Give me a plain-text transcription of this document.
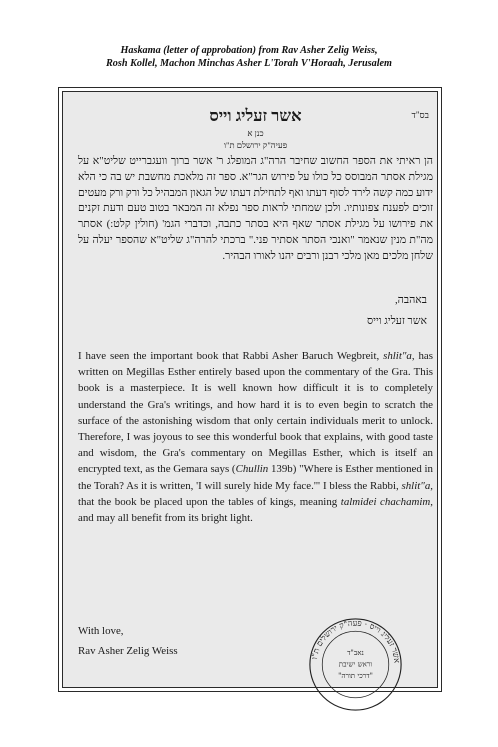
Haskama (letter of approbation) from Rav Asher Zelig Weiss,
Rosh Kollel, Machon Minchas Asher L'Torah V'Horaah, Jerusalem
בס"ד
אשר זעליג וייס
כנן א
פעיה"ק ירושלם ת"ו

הן ראיתי את הספר החשוב שחיבר הרה"ג המופלג ר' אשר ברוך וועגברייט שליט"א על מגילת אסתר המבוסס כל כולו על פירוש הגר"א. ספר זה מלאכת מחשבת יש בה כי הלא ידוע כמה קשה לירד לסוף דעתו ואף לתחילת דעתו של הגאון המבהיל כל ורק ורק מעטים זוכים לפענח צפונותיו. ולכן שמחתי לראות ספר נפלא זה המבאר בטוב טעם ודעת זקנים את פירושו על מגילת אסתר שאף היא בסתר כתבה, וכדברי הגמ' (חולין קלט:) אסתר מה"ת מנין שנאמר "ואנכי הסתר אסתיר פני." ברכתי להרה"ג שליט"א שהספר יעלה על שלחן מלכים מאן מלכי רבנן ורבים יהנו לאורו הבהיר.

באהבה,
אשר זעליג וייס

I have seen the important book that Rabbi Asher Baruch Wegbreit, shlit"a, has written on Megillas Esther entirely based upon the commentary of the Gra. This book is a masterpiece. It is well known how difficult it is to completely understand the Gra's writings, and how hard it is to even begin to scratch the surface of the astonishing wisdom that only certain individuals merit to unlock. Therefore, I was joyous to see this wonderful book that explains, with good taste and wisdom, the Gra's commentary on Megillas Esther, which is itself an encrypted text, as the Gemara says (Chullin 139b) "Where is Esther mentioned in the Torah? As it is written, 'I will surely hide My face.'" I bless the Rabbi, shlit"a, that the book be placed upon the tables of kings, meaning talmidei chachamim, and may all benefit from its bright light.

With love,
Rav Asher Zelig Weiss
אשר זעליג וייס · פעה"ק ירושלים ת"ו
נאב"ד
וראש ישיבת
"דרכי תורה"
